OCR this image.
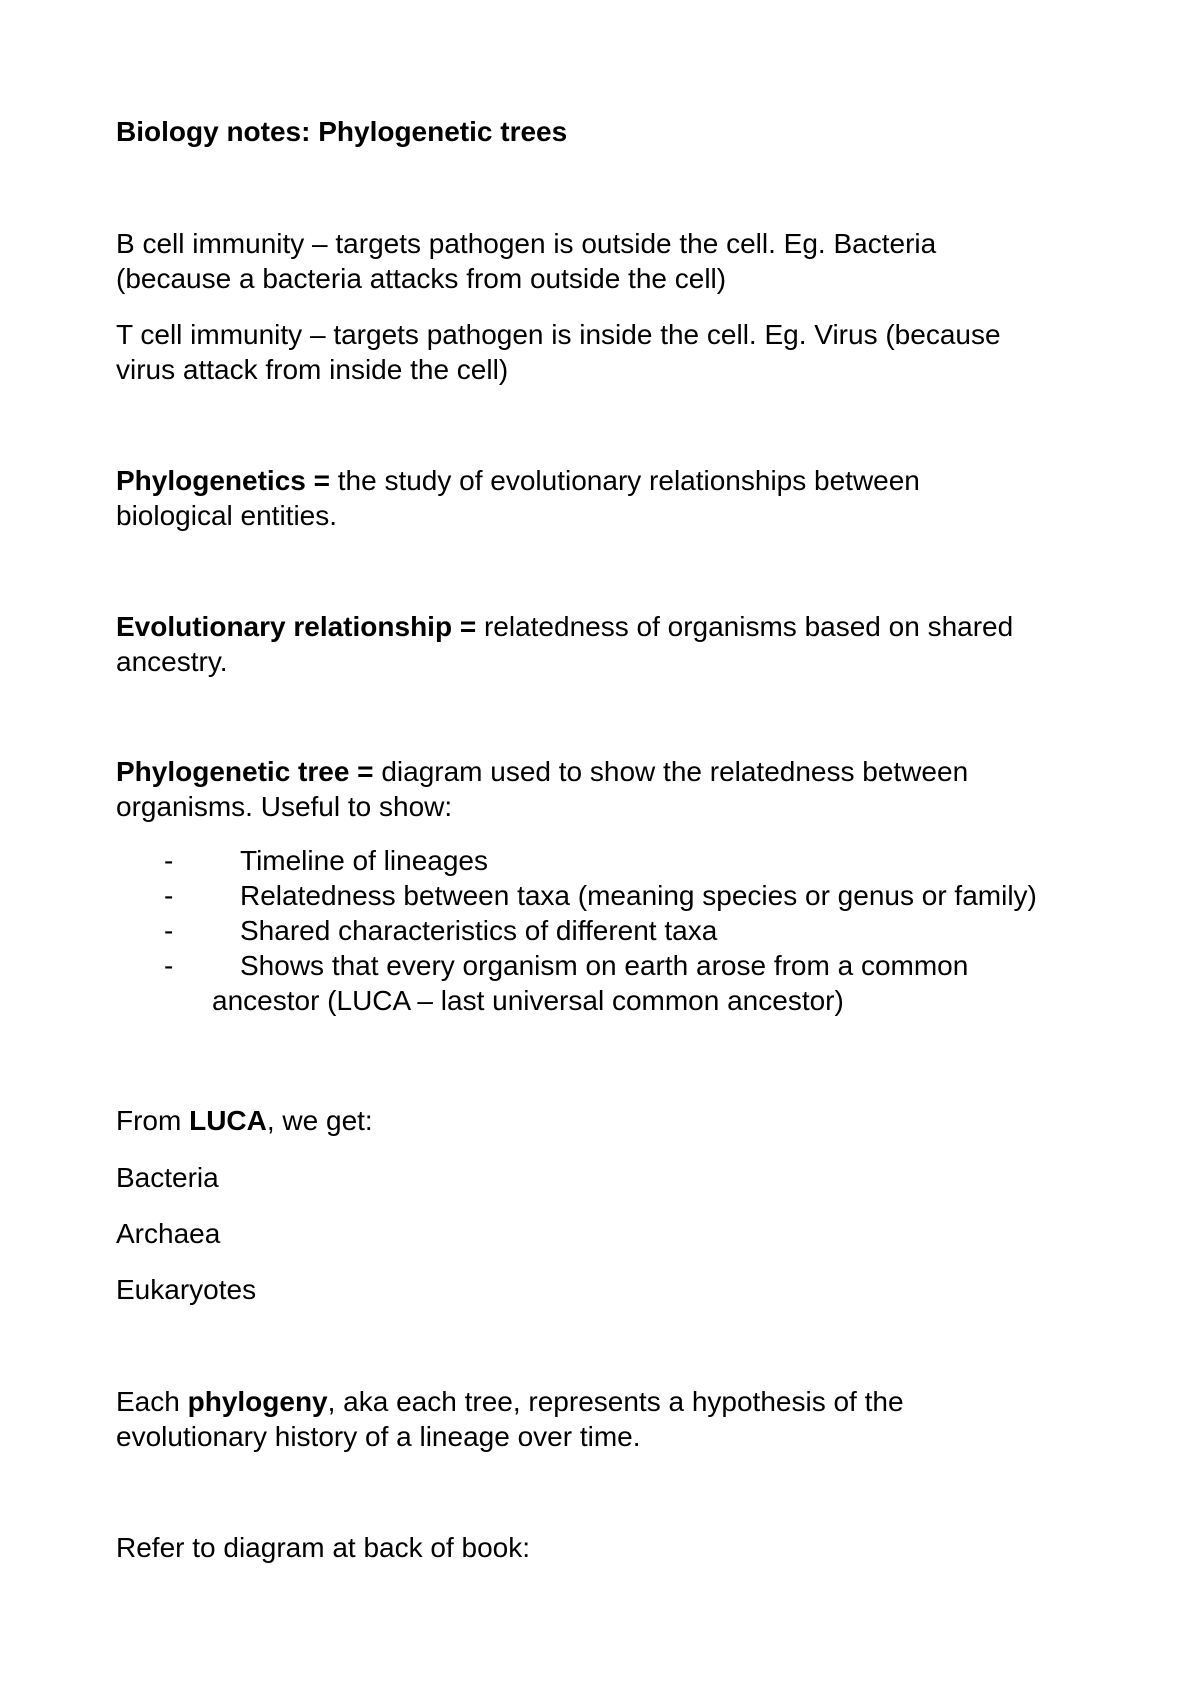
Biology notes: Phylogenetic trees

B cell immunity – targets pathogen is outside the cell. Eg. Bacteria

(because a bacteria attacks from outside the cell)

T cell immunity – targets pathogen is inside the cell. Eg. Virus (because

virus attack from inside the cell)

Phylogenetics = the study of evolutionary relationships between

biological entities.

Evolutionary relationship = relatedness of organisms based on shared

ancestry.

Phylogenetic tree = diagram used to show the relatedness between

organisms. Useful to show:

- Timeline of lineages
- Relatedness between taxa (meaning species or genus or family)
- Shared characteristics of different taxa
- Shows that every organism on earth arose from a common
ancestor (LUCA – last universal common ancestor)

From LUCA, we get:

Bacteria
Archaea
Eukaryotes

Each phylogeny, aka each tree, represents a hypothesis of the

evolutionary history of a lineage over time.

Refer to diagram at back of book:
